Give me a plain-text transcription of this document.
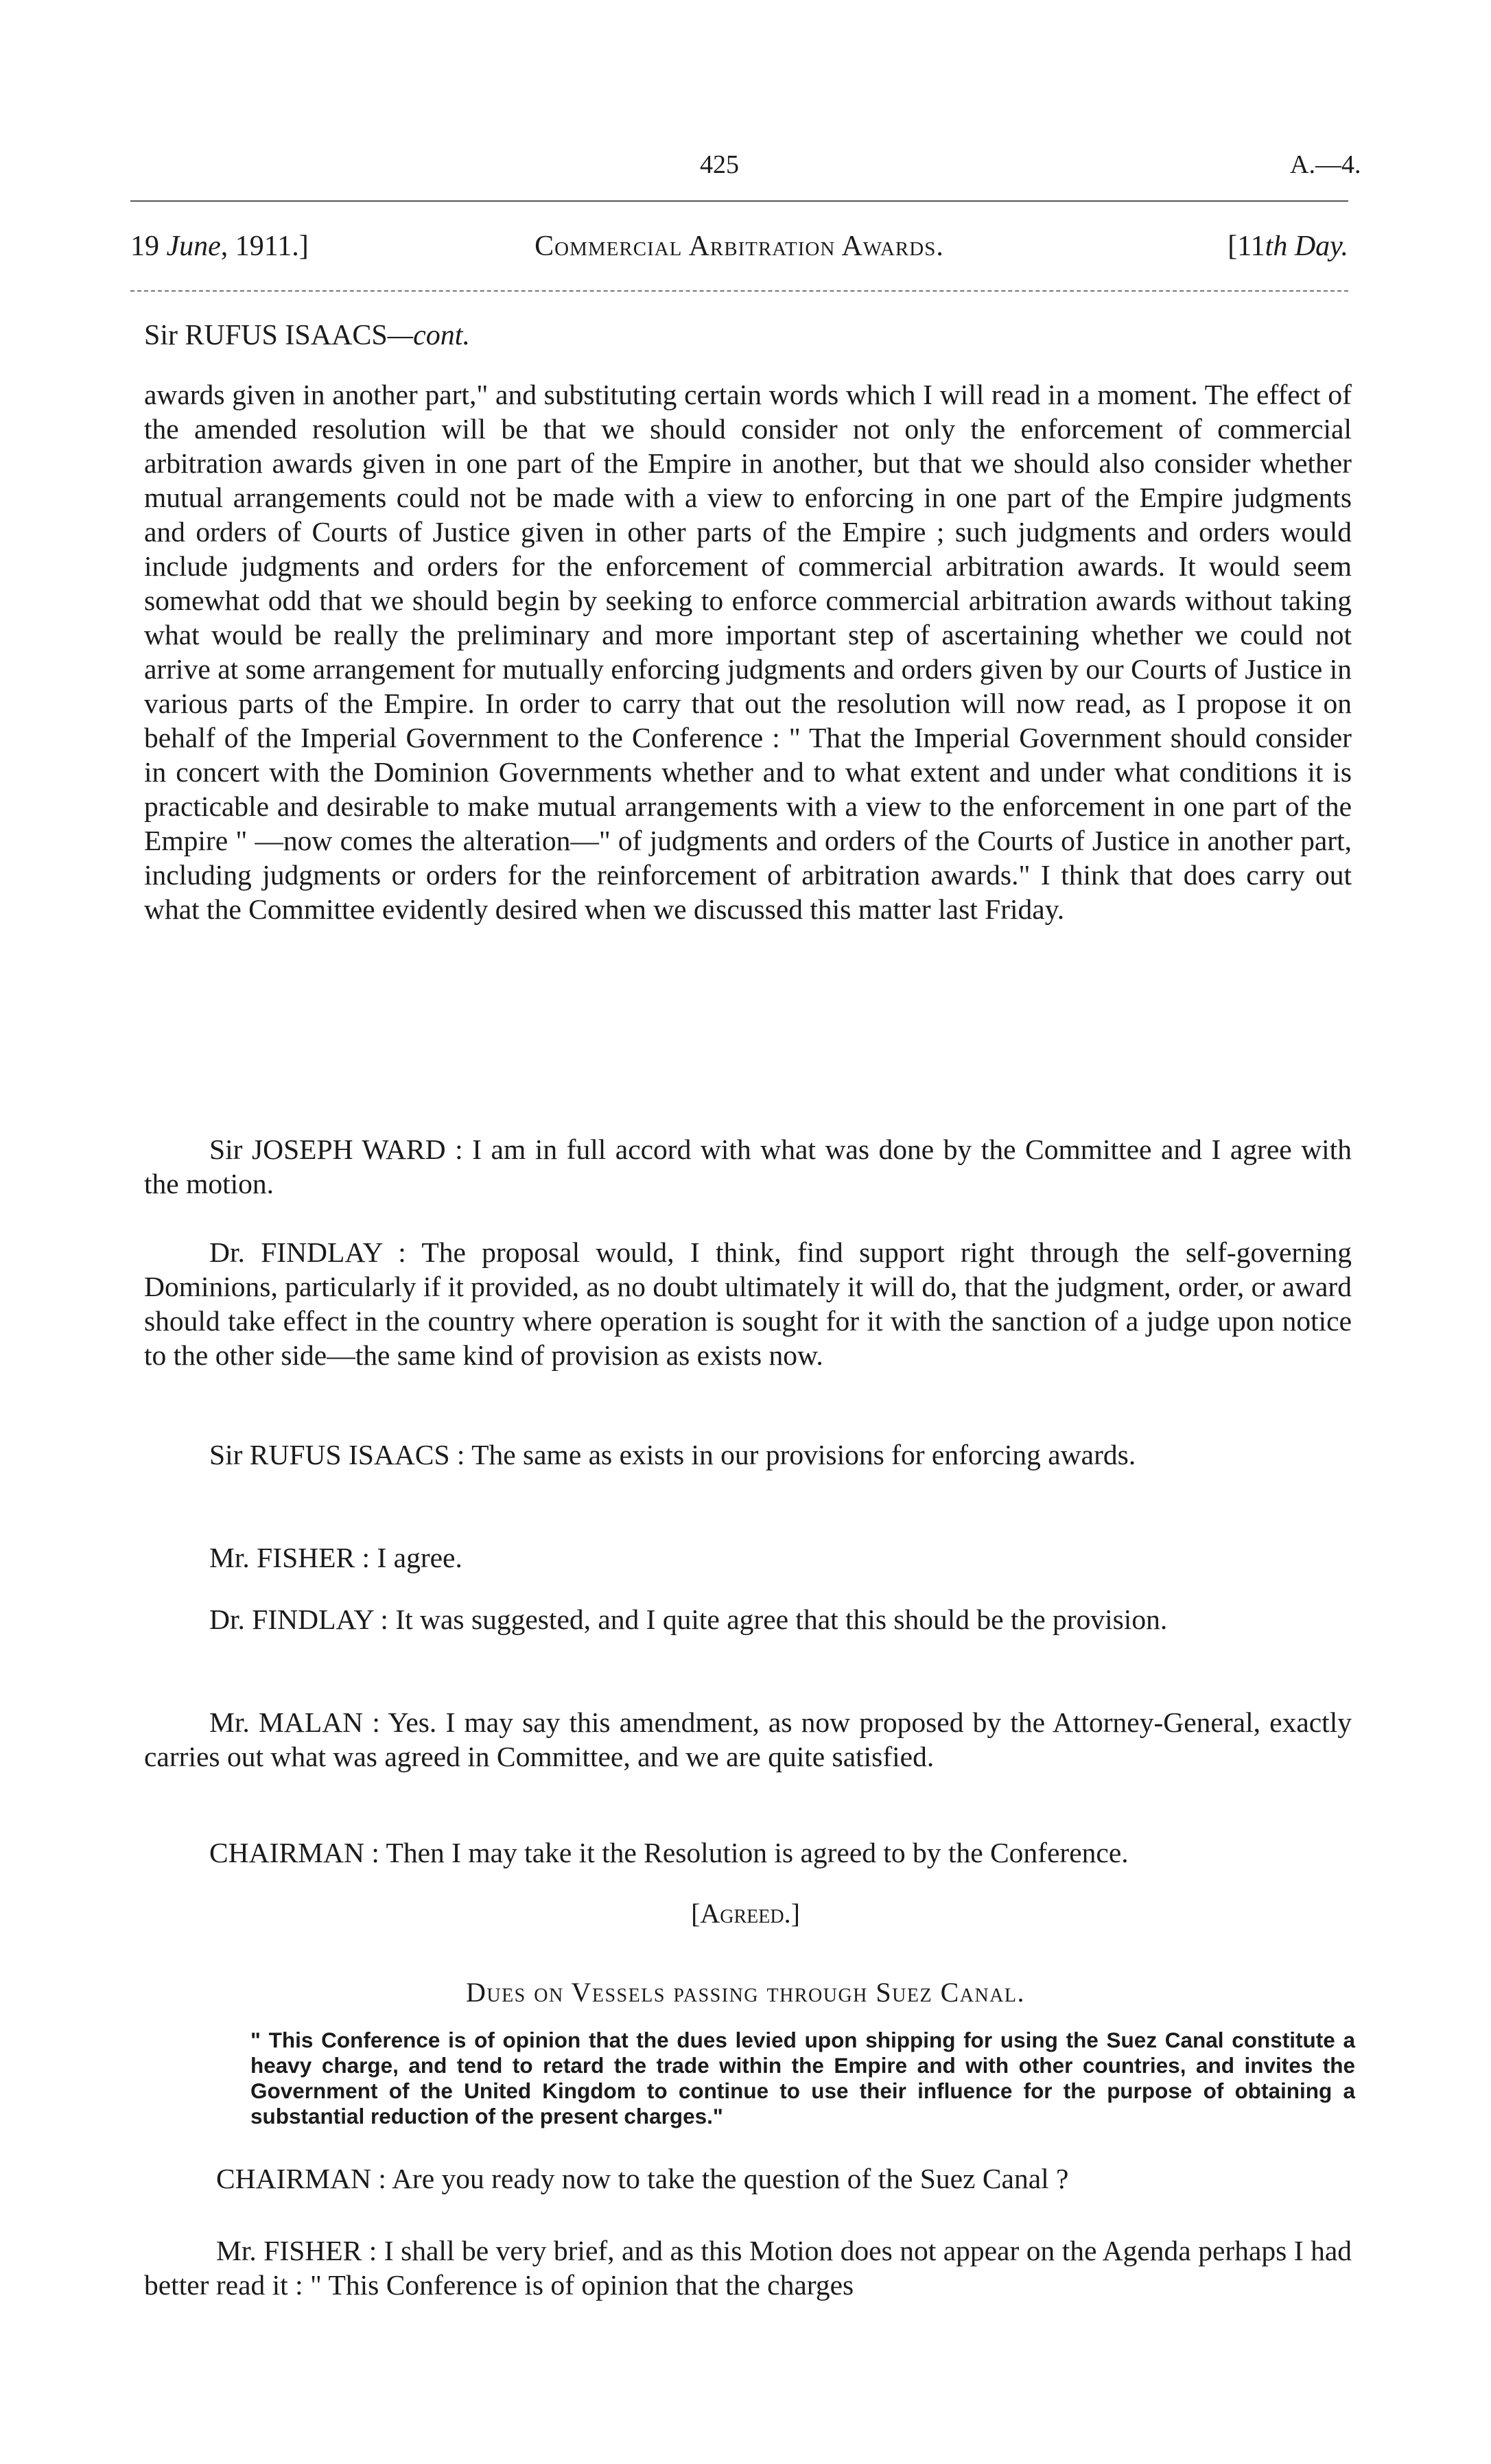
425	A.—4.
19 June, 1911.]	Commercial Arbitration Awards.	[11th Day.
Sir RUFUS ISAACS—cont.

awards given in another part," and substituting certain words which I will read in a moment. The effect of the amended resolution will be that we should consider not only the enforcement of commercial arbitration awards given in one part of the Empire in another, but that we should also consider whether mutual arrangements could not be made with a view to enforcing in one part of the Empire judgments and orders of Courts of Justice given in other parts of the Empire ; such judgments and orders would include judgments and orders for the enforcement of commercial arbitration awards. It would seem somewhat odd that we should begin by seeking to enforce commercial arbitration awards without taking what would be really the preliminary and more important step of ascertaining whether we could not arrive at some arrangement for mutually enforcing judgments and orders given by our Courts of Justice in various parts of the Empire. In order to carry that out the resolution will now read, as I propose it on behalf of the Imperial Government to the Conference : " That the Imperial Government should consider in concert with the Dominion Governments whether and to what extent and under what conditions it is practicable and desirable to make mutual arrangements with a view to the enforcement in one part of the Empire " —now comes the alteration—" of judgments and orders of the Courts of Justice in another part, including judgments or orders for the reinforcement of arbitration awards." I think that does carry out what the Committee evidently desired when we discussed this matter last Friday.

Sir JOSEPH WARD : I am in full accord with what was done by the Committee and I agree with the motion.

Dr. FINDLAY : The proposal would, I think, find support right through the self-governing Dominions, particularly if it provided, as no doubt ultimately it will do, that the judgment, order, or award should take effect in the country where operation is sought for it with the sanction of a judge upon notice to the other side—the same kind of provision as exists now.

Sir RUFUS ISAACS : The same as exists in our provisions for enforcing awards.

Mr. FISHER : I agree.

Dr. FINDLAY : It was suggested, and I quite agree that this should be the provision.

Mr. MALAN : Yes. I may say this amendment, as now proposed by the Attorney-General, exactly carries out what was agreed in Committee, and we are quite satisfied.

CHAIRMAN : Then I may take it the Resolution is agreed to by the Conference.

[Agreed.]
Dues on Vessels passing through Suez Canal.

" This Conference is of opinion that the dues levied upon shipping for using the Suez Canal constitute a heavy charge, and tend to retard the trade within the Empire and with other countries, and invites the Government of the United Kingdom to continue to use their influence for the purpose of obtaining a substantial reduction of the present charges."

CHAIRMAN : Are you ready now to take the question of the Suez Canal ?

Mr. FISHER : I shall be very brief, and as this Motion does not appear on the Agenda perhaps I had better read it : " This Conference is of opinion that the charges
